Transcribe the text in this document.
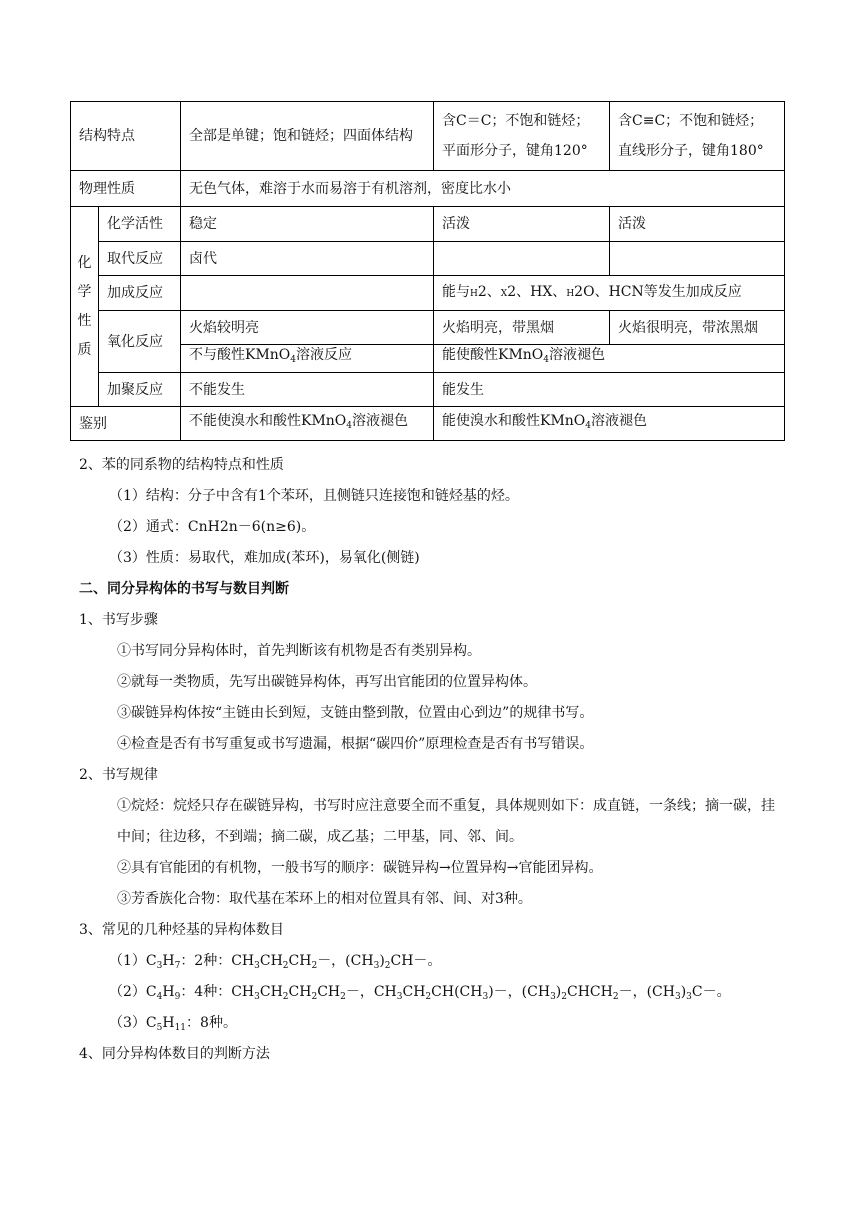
结构特点		全部是单键；饱和链烃；四面体结构	含C＝C；不饱和链烃；平面形分子，键角120°	含C≡C；不饱和链烃；直线形分子，键角180°
物理性质		无色气体，难溶于水而易溶于有机溶剂，密度比水小		

化
学
性
质	化学活性	稳定	活泼	活泼
	取代反应	卤代		
	加成反应		能与H2、X2、HX、H2O、HCN等发生加成反应	
	氧化反应	火焰较明亮	火焰明亮，带黑烟	火焰很明亮，带浓黑烟
		不与酸性KMnO$_4$溶液反应	能使酸性KMnO$_4$溶液褪色	
	加聚反应	不能发生	能发生	
鉴别		不能使溴水和酸性KMnO$_4$溶液褪色	能使溴水和酸性KMnO$_4$溶液褪色	

2、苯的同系物的结构特点和性质

（1）结构：分子中含有1个苯环，且侧链只连接饱和链烃基的烃。

（2）通式：CnH2n－6(n≥6)。

（3）性质：易取代，难加成(苯环)，易氧化(侧链)

二、同分异构体的书写与数目判断

1、书写步骤

①书写同分异构体时，首先判断该有机物是否有类别异构。

②就每一类物质，先写出碳链异构体，再写出官能团的位置异构体。

③碳链异构体按“主链由长到短，支链由整到散，位置由心到边”的规律书写。

④检查是否有书写重复或书写遗漏，根据“碳四价”原理检查是否有书写错误。

2、书写规律

①烷烃：烷烃只存在碳链异构，书写时应注意要全而不重复，具体规则如下：成直链，一条线；摘一碳，挂中间；往边移，不到端；摘二碳，成乙基；二甲基，同、邻、间。

②具有官能团的有机物，一般书写的顺序：碳链异构→位置异构→官能团异构。

③芳香族化合物：取代基在苯环上的相对位置具有邻、间、对3种。

3、常见的几种烃基的异构体数目

$(1)C_3H_7$：2种：$CH_3CH_2CH_2-$，$(CH_3)_2CH-$。

$(2)C_4H_9$：4种：$CH_3CH_2CH_2CH_2-$，$CH_3CH_2CH(CH_3)-$，$(CH_3)_2CHCH_2-$，$(CH_3)_3C-$。

$(3)C_5H_{11}$：8种。

4、同分异构体数目的判断方法
